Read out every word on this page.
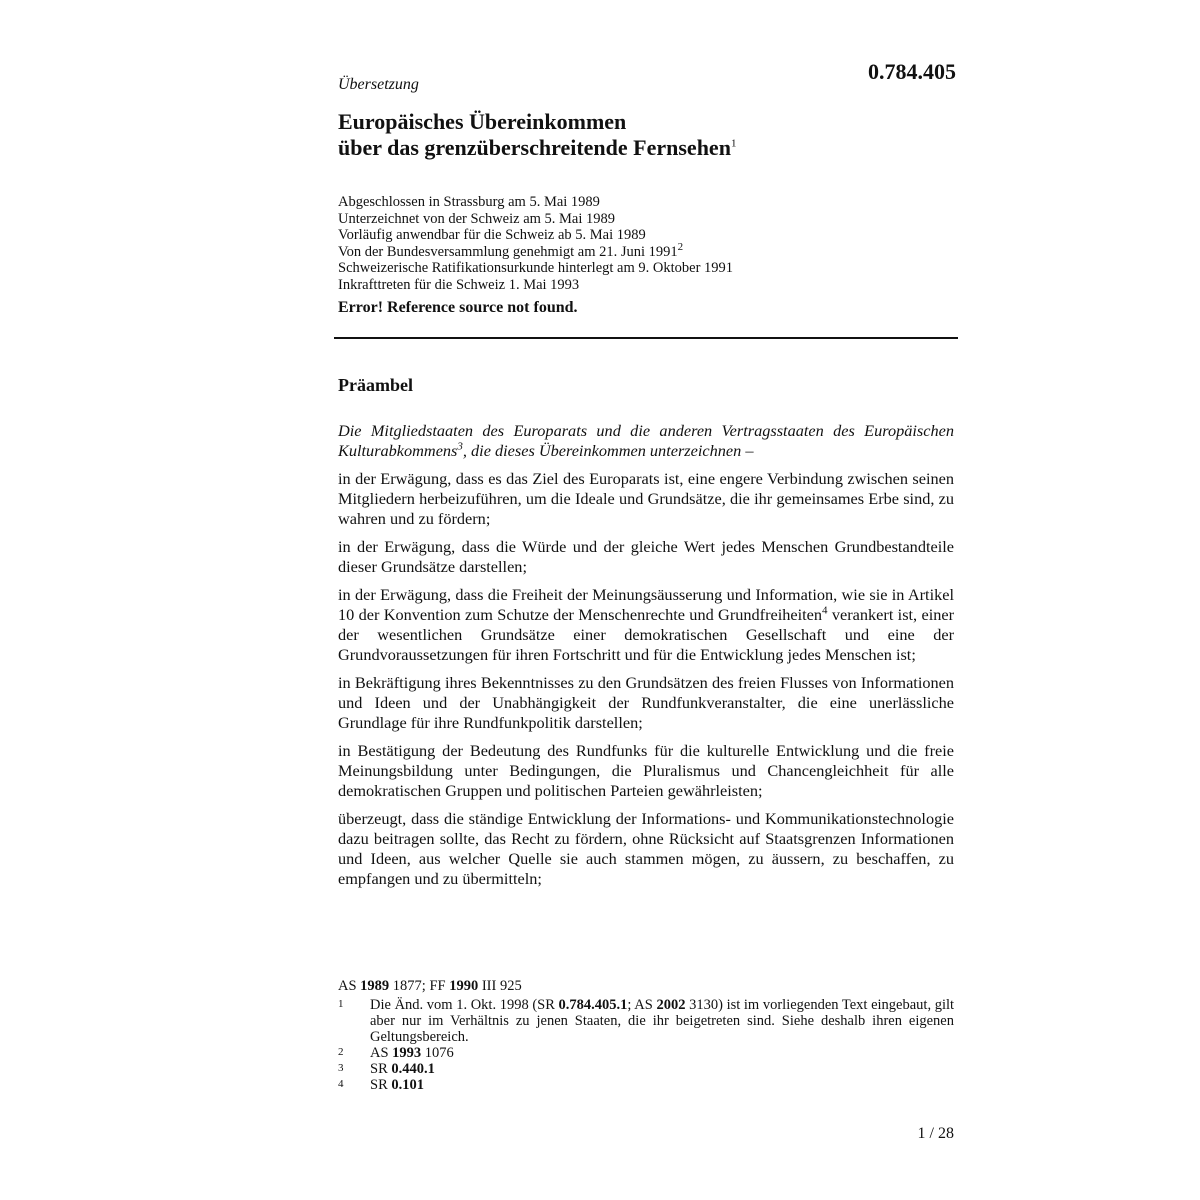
0.784.405
Übersetzung
Europäisches Übereinkommen
über das grenzüberschreitende Fernsehen$^1$
Abgeschlossen in Strassburg am 5. Mai 1989
Unterzeichnet von der Schweiz am 5. Mai 1989
Vorläufig anwendbar für die Schweiz ab 5. Mai 1989
Von der Bundesversammlung genehmigt am 21. Juni 1991$^2$
Schweizerische Ratifikationsurkunde hinterlegt am 9. Oktober 1991
Inkrafttreten für die Schweiz 1. Mai 1993
Error! Reference source not found.
Präambel

Die Mitgliedstaaten des Europarats und die anderen Vertragsstaaten des Europäischen Kulturabkommens$^3$, die dieses Übereinkommen unterzeichnen –

in der Erwägung, dass es das Ziel des Europarats ist, eine engere Verbindung zwischen seinen Mitgliedern herbeizuführen, um die Ideale und Grundsätze, die ihr gemeinsames Erbe sind, zu wahren und zu fördern;

in der Erwägung, dass die Würde und der gleiche Wert jedes Menschen Grundbestandteile dieser Grundsätze darstellen;

in der Erwägung, dass die Freiheit der Meinungsäusserung und Information, wie sie in Artikel 10 der Konvention zum Schutze der Menschenrechte und Grundfreiheiten$^4$ verankert ist, einer der wesentlichen Grundsätze einer demokratischen Gesellschaft und eine der Grundvoraussetzungen für ihren Fortschritt und für die Entwicklung jedes Menschen ist;

in Bekräftigung ihres Bekenntnisses zu den Grundsätzen des freien Flusses von Informationen und Ideen und der Unabhängigkeit der Rundfunkveranstalter, die eine unerlässliche Grundlage für ihre Rundfunkpolitik darstellen;

in Bestätigung der Bedeutung des Rundfunks für die kulturelle Entwicklung und die freie Meinungsbildung unter Bedingungen, die Pluralismus und Chancengleichheit für alle demokratischen Gruppen und politischen Parteien gewährleisten;

überzeugt, dass die ständige Entwicklung der Informations- und Kommunikationstechnologie dazu beitragen sollte, das Recht zu fördern, ohne Rücksicht auf Staatsgrenzen Informationen und Ideen, aus welcher Quelle sie auch stammen mögen, zu äussern, zu beschaffen, zu empfangen und zu übermitteln;

AS 1989 1877; FF 1990 III 925
1	Die Änd. vom 1. Okt. 1998 (SR 0.784.405.1; AS 2002 3130) ist im vorliegenden Text eingebaut, gilt aber nur im Verhältnis zu jenen Staaten, die ihr beigetreten sind. Siehe deshalb ihren eigenen Geltungsbereich.
2	AS 1993 1076
3	SR 0.440.1
4	SR 0.101
1 / 28
